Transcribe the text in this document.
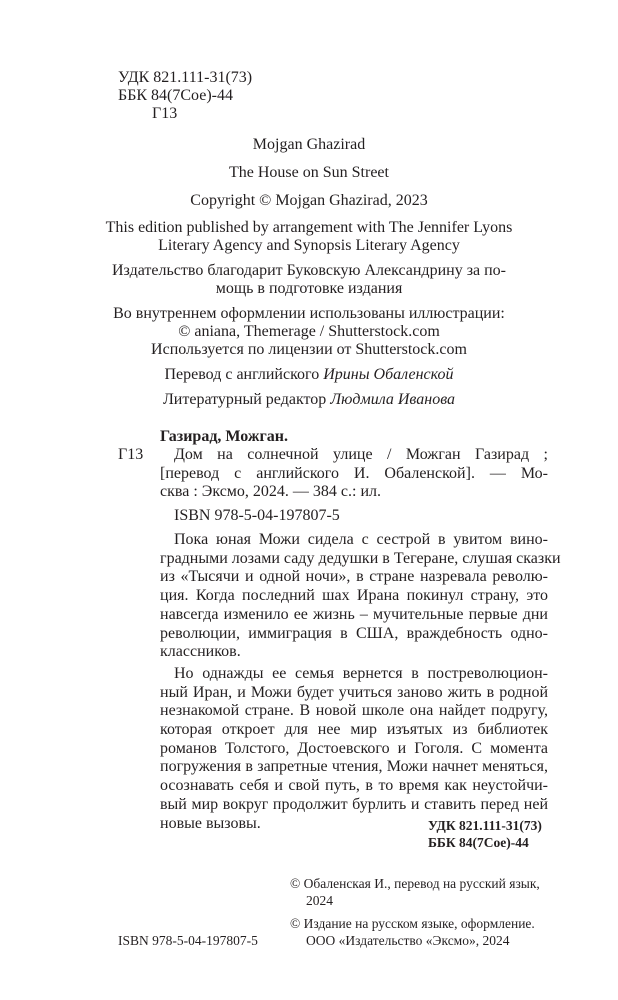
УДК 821.111-31(73)
ББК 84(7Сое)-44
Г13
Mojgan Ghazirad
The House on Sun Street
Copyright © Mojgan Ghazirad, 2023
This edition published by arrangement with The Jennifer Lyons
Literary Agency and Synopsis Literary Agency
Издательство благодарит Буковскую Александрину за по-
мощь в подготовке издания
Во внутреннем оформлении использованы иллюстрации:
© aniana, Themerage / Shutterstock.com
Используется по лицензии от Shutterstock.com
Перевод с английского Ирины Обаленской
Литературный редактор Людмила Иванова
Газирад, Можган.
Г13	Дом на солнечной улице / Можган Газирад ;
[перевод с английского И. Обаленской]. — Мо-
сква : Эксмо, 2024. — 384 с.: ил.
ISBN 978-5-04-197807-5
Пока юная Можи сидела с сестрой в увитом вино-
градными лозами саду дедушки в Тегеране, слушая сказки
из «Тысячи и одной ночи», в стране назревала револю-
ция. Когда последний шах Ирана покинул страну, это
навсегда изменило ее жизнь – мучительные первые дни
революции, иммиграция в США, враждебность одно-
классников.
Но однажды ее семья вернется в постреволюцион-
ный Иран, и Можи будет учиться заново жить в родной
незнакомой стране. В новой школе она найдет подругу,
которая откроет для нее мир изъятых из библиотек
романов Толстого, Достоевского и Гоголя. С момента
погружения в запретные чтения, Можи начнет меняться,
осознавать себя и свой путь, в то время как неустойчи-
вый мир вокруг продолжит бурлить и ставить перед ней
новые вызовы.	УДК 821.111-31(73)
ББК 84(7Сое)-44
© Обаленская И., перевод на русский язык,
2024
© Издание на русском языке, оформление.
ISBN 978-5-04-197807-5	ООО «Издательство «Эксмо», 2024
